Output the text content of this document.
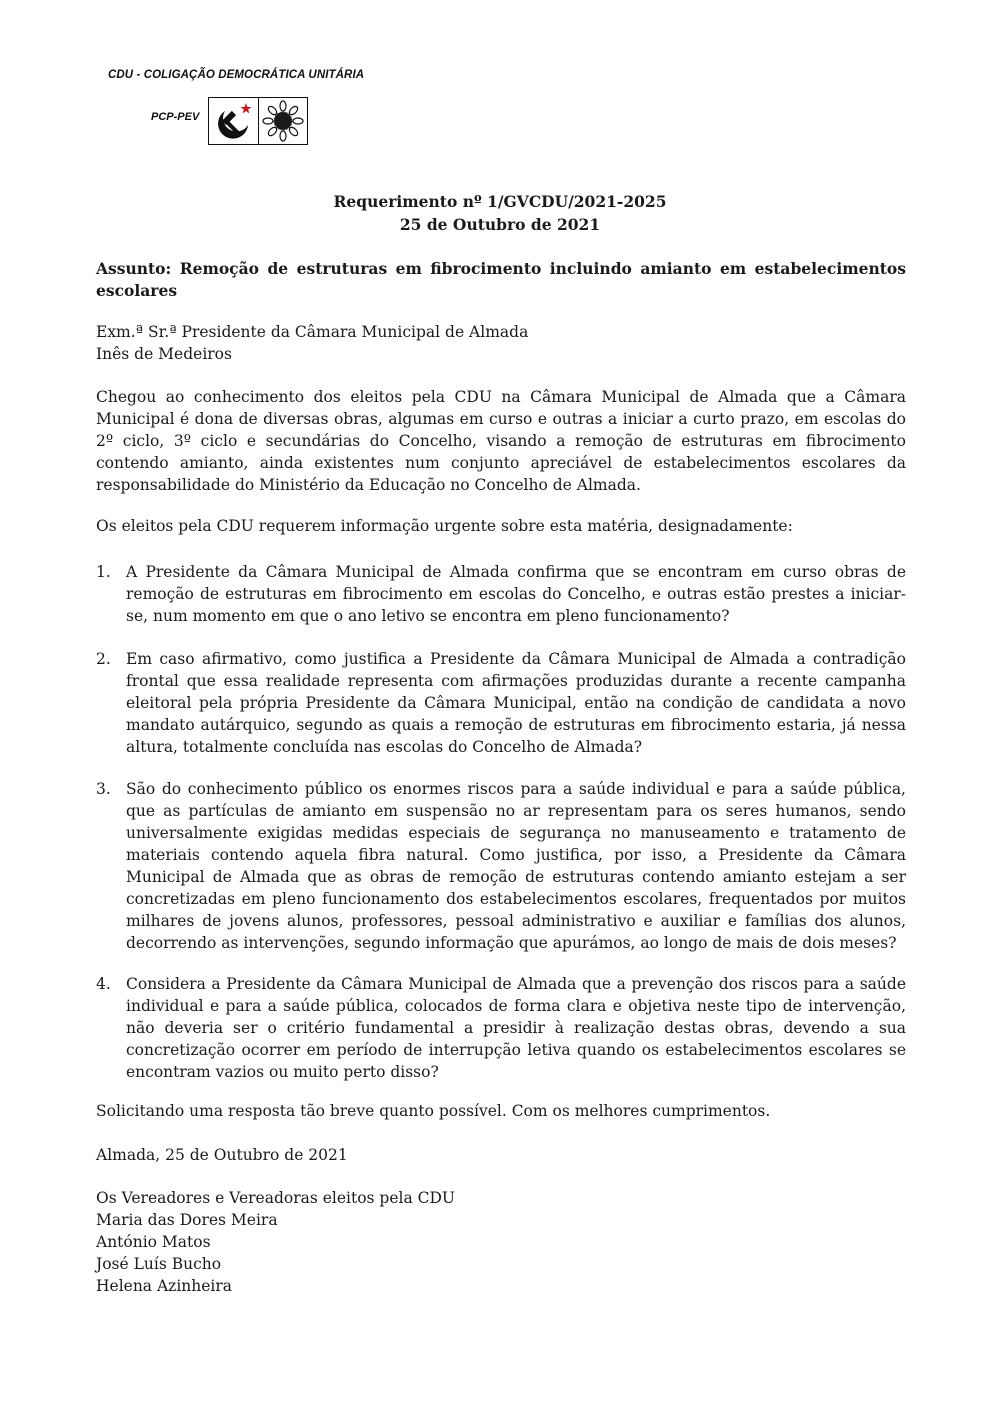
CDU - COLIGAÇÃO DEMOCRÁTICA UNITÁRIA
PCP-PEV
Requerimento nº 1/GVCDU/2021-2025
25 de Outubro de 2021
Assunto: Remoção de estruturas em fibrocimento incluindo amianto em estabelecimentos escolares
Exm.ª Sr.ª Presidente da Câmara Municipal de Almada
Inês de Medeiros
Chegou ao conhecimento dos eleitos pela CDU na Câmara Municipal de Almada que a Câmara Municipal é dona de diversas obras, algumas em curso e outras a iniciar a curto prazo, em escolas do 2º ciclo, 3º ciclo e secundárias do Concelho, visando a remoção de estruturas em fibrocimento contendo amianto, ainda existentes num conjunto apreciável de estabelecimentos escolares da responsabilidade do Ministério da Educação no Concelho de Almada.
Os eleitos pela CDU requerem informação urgente sobre esta matéria, designadamente:
1. A Presidente da Câmara Municipal de Almada confirma que se encontram em curso obras de remoção de estruturas em fibrocimento em escolas do Concelho, e outras estão prestes a iniciar-se, num momento em que o ano letivo se encontra em pleno funcionamento?
2. Em caso afirmativo, como justifica a Presidente da Câmara Municipal de Almada a contradição frontal que essa realidade representa com afirmações produzidas durante a recente campanha eleitoral pela própria Presidente da Câmara Municipal, então na condição de candidata a novo mandato autárquico, segundo as quais a remoção de estruturas em fibrocimento estaria, já nessa altura, totalmente concluída nas escolas do Concelho de Almada?
3. São do conhecimento público os enormes riscos para a saúde individual e para a saúde pública, que as partículas de amianto em suspensão no ar representam para os seres humanos, sendo universalmente exigidas medidas especiais de segurança no manuseamento e tratamento de materiais contendo aquela fibra natural. Como justifica, por isso, a Presidente da Câmara Municipal de Almada que as obras de remoção de estruturas contendo amianto estejam a ser concretizadas em pleno funcionamento dos estabelecimentos escolares, frequentados por muitos milhares de jovens alunos, professores, pessoal administrativo e auxiliar e famílias dos alunos, decorrendo as intervenções, segundo informação que apurámos, ao longo de mais de dois meses?
4. Considera a Presidente da Câmara Municipal de Almada que a prevenção dos riscos para a saúde individual e para a saúde pública, colocados de forma clara e objetiva neste tipo de intervenção, não deveria ser o critério fundamental a presidir à realização destas obras, devendo a sua concretização ocorrer em período de interrupção letiva quando os estabelecimentos escolares se encontram vazios ou muito perto disso?
Solicitando uma resposta tão breve quanto possível. Com os melhores cumprimentos.
Almada, 25 de Outubro de 2021
Os Vereadores e Vereadoras eleitos pela CDU
Maria das Dores Meira
António Matos
José Luís Bucho
Helena Azinheira
